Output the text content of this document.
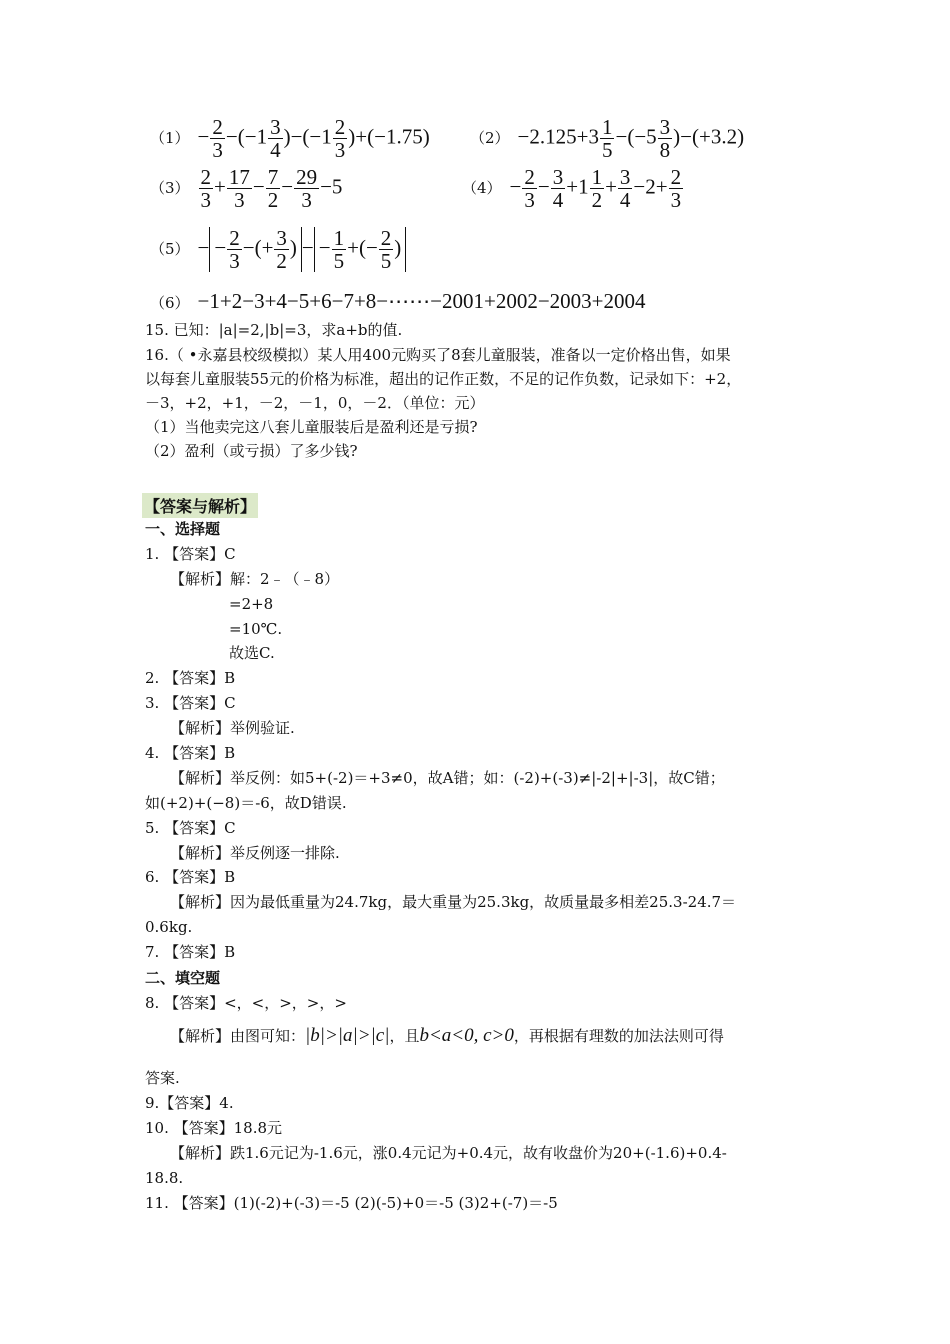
$(1) - \frac{2}{3} -(-1 \frac{3}{4} )-(-1 \frac{2}{3} )+(-1.75)$	$(2) -2.125+3 \frac{1}{5} -(-5 \frac{3}{8} )-(+3.2)$
$(3) \frac{2}{3} + \frac{17}{3} - \frac{7}{2} - \frac{29}{3} -5$	$(4) - \frac{2}{3} - \frac{3}{4} +1 \frac{1}{2} + \frac{3}{4} -2+ \frac{2}{3}$
（5） − − $\frac{2}{3}$ −(+ $\frac{3}{2}$ ) − − $\frac{1}{5}$ +(− $\frac{2}{5}$ )
（6） −1+2−3+4−5+6−7+8−⋯⋯−2001+2002−2003+2004
15. 已知：|a|=2,|b|=3，求a+b的值.
16.（ •永嘉县校级模拟）某人用400元购买了8套儿童服装，准备以一定价格出售，如果
以每套儿童服装55元的价格为标准，超出的记作正数，不足的记作负数，记录如下：+2，
－3，+2，+1，－2，－1，0，－2．（单位：元）
（1）当他卖完这八套儿童服装后是盈利还是亏损?
（2）盈利（或亏损）了多少钱?
【答案与解析】
一、选择题
1. 【答案】C
【解析】解：2﹣（﹣8）
=2+8
=10℃.
故选C.
2. 【答案】B
3. 【答案】C
【解析】举例验证.
4. 【答案】B
【解析】举反例：如5+(-2)＝+3≠0，故A错；如：(-2)+(-3)≠|-2|+|-3|，故C错；
如(+2)+(−8)＝-6，故D错误.
5. 【答案】C
【解析】举反例逐一排除.
6. 【答案】B
【解析】因为最低重量为24.7kg，最大重量为25.3kg，故质量最多相差25.3-24.7＝
0.6kg.
7. 【答案】B
二、填空题
8. 【答案】<，<，>，>，>
【解析】由图可知：|b|>|a|>|c|，且b<a<0, c>0，再根据有理数的加法法则可得
答案.
9.【答案】4.
10. 【答案】18.8元
【解析】跌1.6元记为-1.6元，涨0.4元记为+0.4元，故有收盘价为20+(-1.6)+0.4-
18.8.
11. 【答案】(1)(-2)+(-3)＝-5 (2)(-5)+0＝-5 (3)2+(-7)＝-5
